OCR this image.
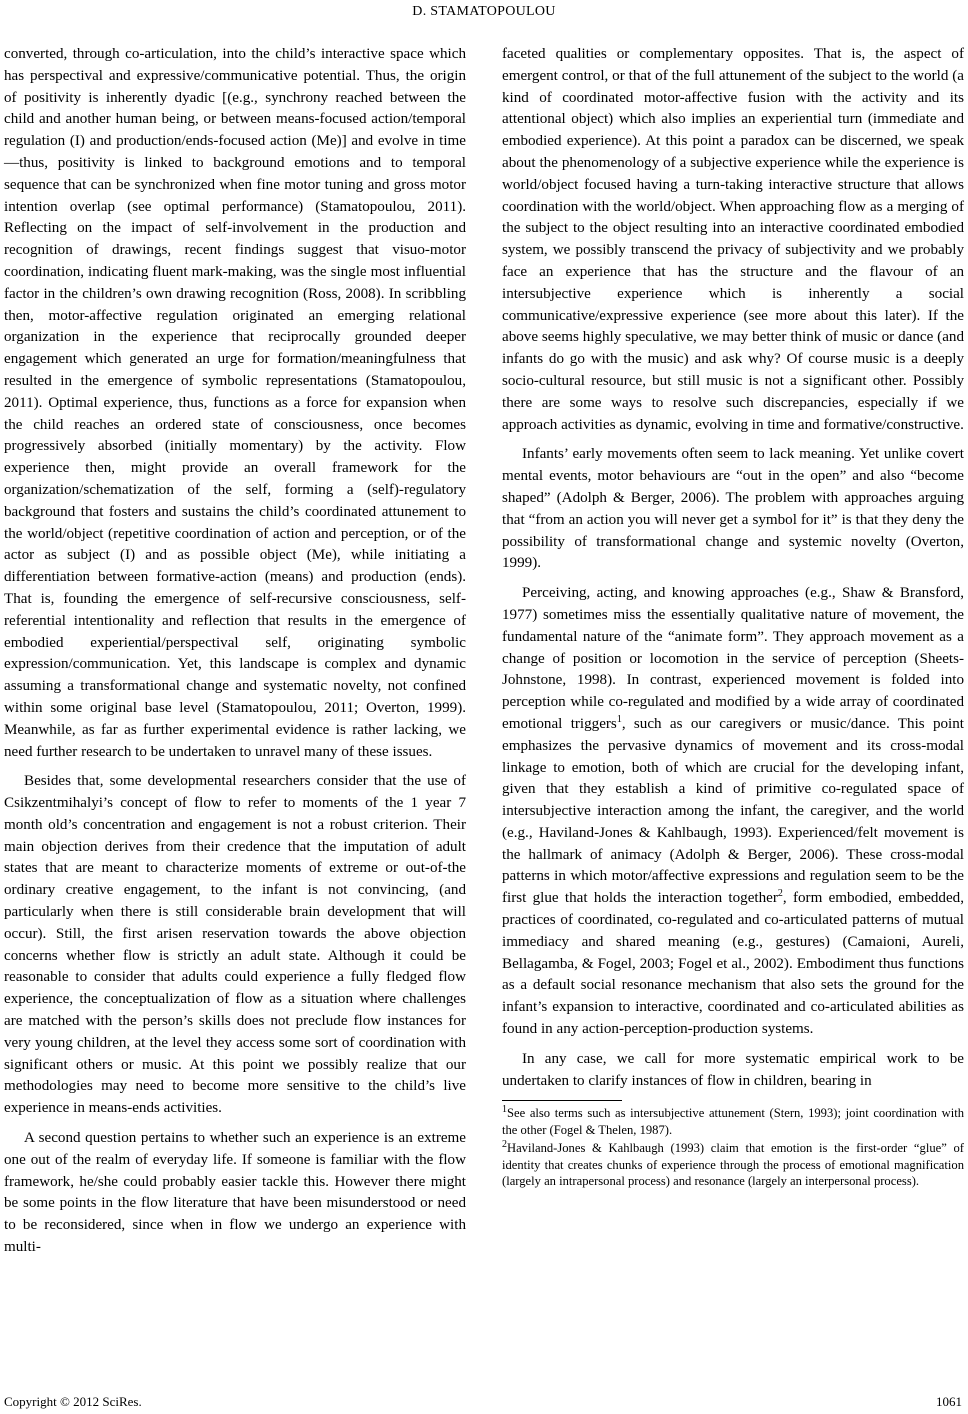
D. STAMATOPOULOU

converted, through co-articulation, into the child’s interactive space which has perspectival and expressive/communicative potential. Thus, the origin of positivity is inherently dyadic [(e.g., synchrony reached between the child and another human being, or between means-focused action/temporal regulation (I) and production/ends-focused action (Me)] and evolve in time—thus, positivity is linked to background emotions and to temporal sequence that can be synchronized when fine motor tuning and gross motor intention overlap (see optimal performance) (Stamatopoulou, 2011). Reflecting on the impact of self-involvement in the production and recognition of drawings, recent findings suggest that visuo-motor coordination, indicating fluent mark-making, was the single most influential factor in the children’s own drawing recognition (Ross, 2008). In scribbling then, motor-affective regulation originated an emerging relational organization in the experience that reciprocally grounded deeper engagement which generated an urge for formation/meaningfulness that resulted in the emergence of symbolic representations (Stamatopoulou, 2011). Optimal experience, thus, functions as a force for expansion when the child reaches an ordered state of consciousness, once becomes progressively absorbed (initially momentary) by the activity. Flow experience then, might provide an overall framework for the organization/schematization of the self, forming a (self)-regulatory background that fosters and sustains the child’s coordinated attunement to the world/object (repetitive coordination of action and perception, or of the actor as subject (I) and as possible object (Me), while initiating a differentiation between formative-action (means) and production (ends). That is, founding the emergence of self-recursive consciousness, self-referential intentionality and reflection that results in the emergence of embodied experiential/perspectival self, originating symbolic expression/communication. Yet, this landscape is complex and dynamic assuming a transformational change and systematic novelty, not confined within some original base level (Stamatopoulou, 2011; Overton, 1999). Meanwhile, as far as further experimental evidence is rather lacking, we need further research to be undertaken to unravel many of these issues.

Besides that, some developmental researchers consider that the use of Csikzentmihalyi’s concept of flow to refer to moments of the 1 year 7 month old’s concentration and engagement is not a robust criterion. Their main objection derives from their credence that the imputation of adult states that are meant to characterize moments of extreme or out-of-the ordinary creative engagement, to the infant is not convincing, (and particularly when there is still considerable brain development that will occur). Still, the first arisen reservation towards the above objection concerns whether flow is strictly an adult state. Although it could be reasonable to consider that adults could experience a fully fledged flow experience, the conceptualization of flow as a situation where challenges are matched with the person’s skills does not preclude flow instances for very young children, at the level they access some sort of coordination with significant others or music. At this point we possibly realize that our methodologies may need to become more sensitive to the child’s live experience in means-ends activities.

A second question pertains to whether such an experience is an extreme one out of the realm of everyday life. If someone is familiar with the flow framework, he/she could probably easier tackle this. However there might be some points in the flow literature that have been misunderstood or need to be reconsidered, since when in flow we undergo an experience with multi-

faceted qualities or complementary opposites. That is, the aspect of emergent control, or that of the full attunement of the subject to the world (a kind of coordinated motor-affective fusion with the activity and its attentional object) which also implies an experiential turn (immediate and embodied experience). At this point a paradox can be discerned, we speak about the phenomenology of a subjective experience while the experience is world/object focused having a turn-taking interactive structure that allows coordination with the world/object. When approaching flow as a merging of the subject to the object resulting into an interactive coordinated embodied system, we possibly transcend the privacy of subjectivity and we probably face an experience that has the structure and the flavour of an intersubjective experience which is inherently a social communicative/expressive experience (see more about this later). If the above seems highly speculative, we may better think of music or dance (and infants do go with the music) and ask why? Of course music is a deeply socio-cultural resource, but still music is not a significant other. Possibly there are some ways to resolve such discrepancies, especially if we approach activities as dynamic, evolving in time and formative/constructive.

Infants’ early movements often seem to lack meaning. Yet unlike covert mental events, motor behaviours are “out in the open” and also “become shaped” (Adolph & Berger, 2006). The problem with approaches arguing that “from an action you will never get a symbol for it” is that they deny the possibility of transformational change and systemic novelty (Overton, 1999).

Perceiving, acting, and knowing approaches (e.g., Shaw & Bransford, 1977) sometimes miss the essentially qualitative nature of movement, the fundamental nature of the “animate form”. They approach movement as a change of position or locomotion in the service of perception (Sheets-Johnstone, 1998). In contrast, experienced movement is folded into perception while co-regulated and modified by a wide array of coordinated emotional triggers$^1$, such as our caregivers or music/dance. This point emphasizes the pervasive dynamics of movement and its cross-modal linkage to emotion, both of which are crucial for the developing infant, given that they establish a kind of primitive co-regulated space of intersubjective interaction among the infant, the caregiver, and the world (e.g., Haviland-Jones & Kahlbaugh, 1993). Experienced/felt movement is the hallmark of animacy (Adolph & Berger, 2006). These cross-modal patterns in which motor/affective expressions and regulation seem to be the first glue that holds the interaction together$^2$, form embodied, embedded, practices of coordinated, co-regulated and co-articulated patterns of mutual immediacy and shared meaning (e.g., gestures) (Camaioni, Aureli, Bellagamba, & Fogel, 2003; Fogel et al., 2002). Embodiment thus functions as a default social resonance mechanism that also sets the ground for the infant’s expansion to interactive, coordinated and co-articulated abilities as found in any action-perception-production systems.

In any case, we call for more systematic empirical work to be undertaken to clarify instances of flow in children, bearing in

$^1$See also terms such as intersubjective attunement (Stern, 1993); joint coordination with the other (Fogel & Thelen, 1987).

$^2$Haviland-Jones & Kahlbaugh (1993) claim that emotion is the first-order “glue” of identity that creates chunks of experience through the process of emotional magnification (largely an intrapersonal process) and resonance (largely an interpersonal process).

Copyright © 2012 SciRes.	1061
